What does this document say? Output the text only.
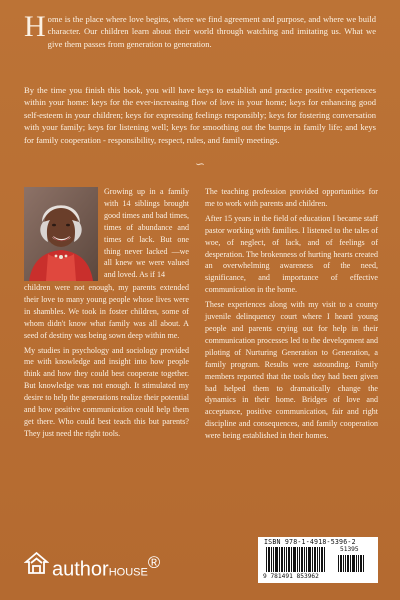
Home is the place where love begins, where we find agreement and purpose, and where we build character. Our children learn about their world through watching and imitating us. What we give them passes from generation to generation.
By the time you finish this book, you will have keys to establish and practice positive experiences within your home: keys for the ever-increasing flow of love in your home; keys for enhancing good self-esteem in your children; keys for expressing feelings responsibly; keys for fostering conversation with your family; keys for listening well; keys for smoothing out the bumps in family life; and keys for family cooperation - responsibility, respect, rules, and family meetings.
∽
Growing up in a family with 14 siblings brought good times and bad times, times of abundance and times of lack. But one thing never lacked —we all knew we were valued and loved. As if 14

children were not enough, my parents extended their love to many young people whose lives were in shambles. We took in foster children, some of whom didn't know what family was all about. A seed of destiny was being sown deep within me.

My studies in psychology and sociology provided me with knowledge and insight into how people think and how they could best cooperate together. But knowledge was not enough. It stimulated my desire to help the generations realize their potential and how positive communication could help them get there. Who could best teach this but parents? They just need the right tools.

The teaching profession provided opportunities for me to work with parents and children.

After 15 years in the field of education I became staff pastor working with families. I listened to the tales of woe, of neglect, of lack, and of feelings of desperation. The brokenness of hurting hearts created an overwhelming awareness of the need, significance, and importance of effective communication in the home.

These experiences along with my visit to a county juvenile delinquency court where I heard young people and parents crying out for help in their communication processes led to the development and piloting of Nurturing Generation to Generation, a family program. Results were astounding. Family members reported that the tools they had been given had helped them to dramatically change the dynamics in their home. Bridges of love and acceptance, positive communication, fair and right discipline and consequences, and family cooperation were being established in their homes.

authorHOUSE®
ISBN 978-1-4918-5396-2
51395
9 781491 853962
